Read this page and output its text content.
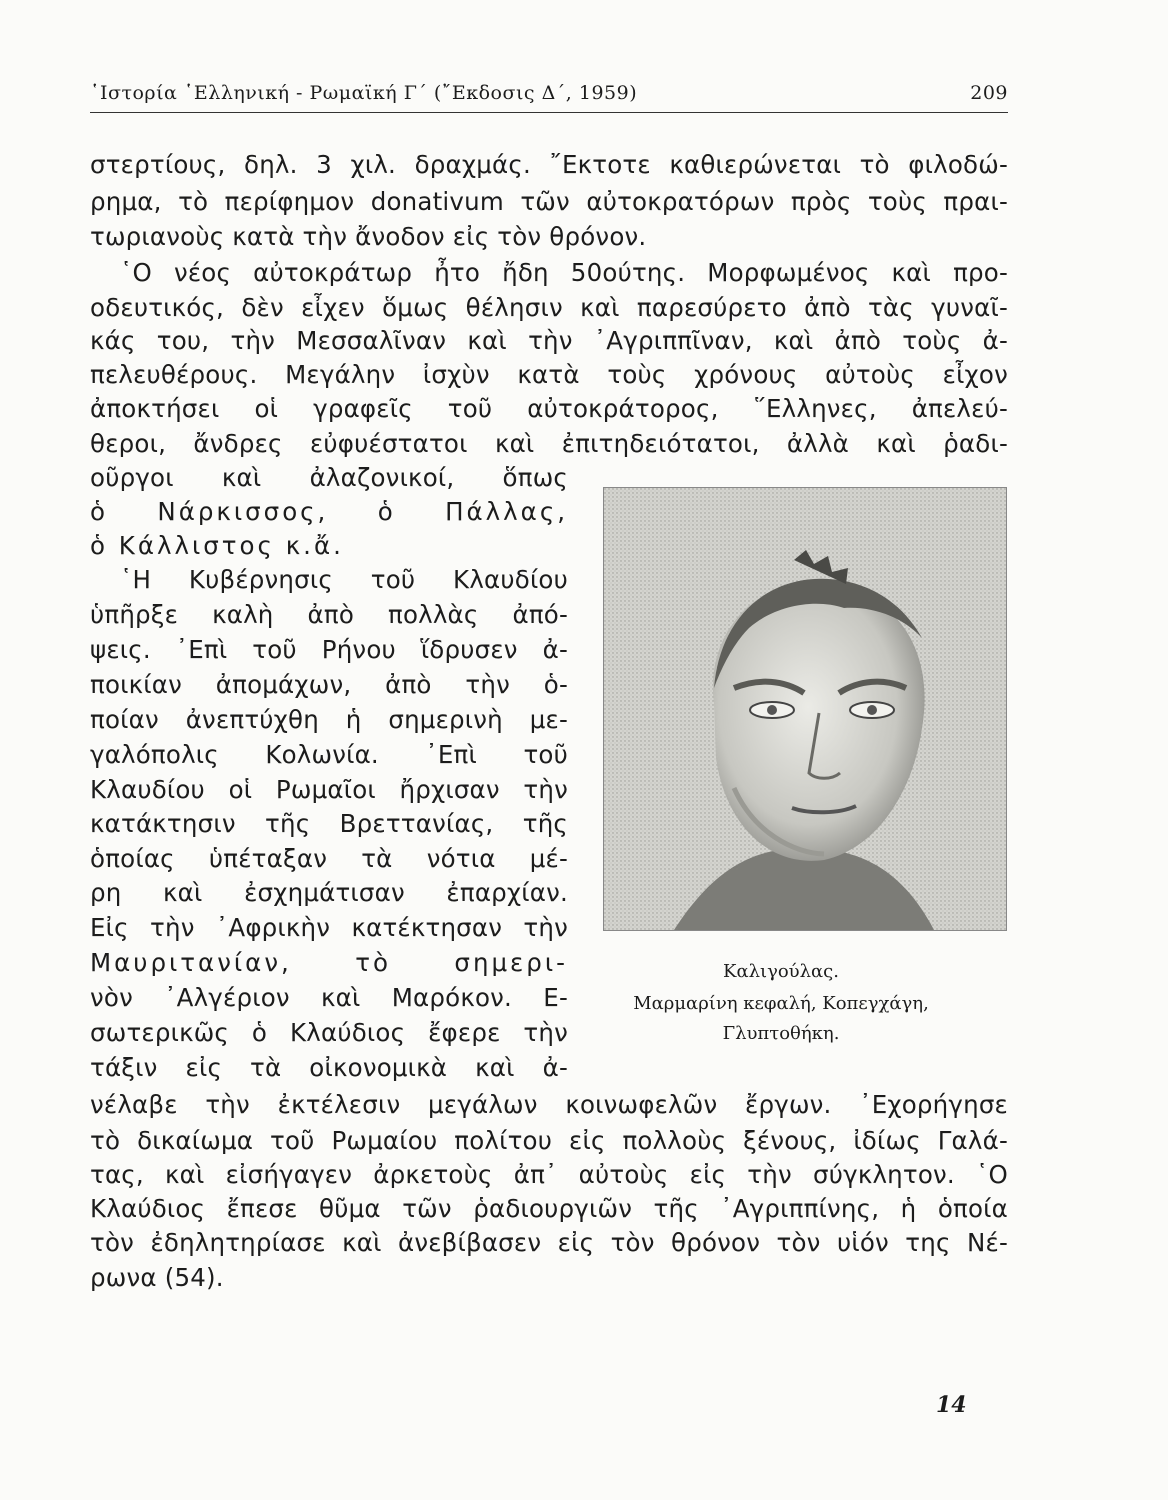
῾Ιστορία ῾Ελληνική - Ρωμαϊκή Γ΄ (῎Εκδοσις Δ΄, 1959)	209
στερτίους, δηλ. 3 χιλ. δραχμάς. ῎Εκτοτε καθιερώνεται τὸ φιλοδώ-
ρημα, τὸ περίφημον donativum τῶν αὐτοκρατόρων πρὸς τοὺς πραι-
τωριανοὺς κατὰ τὴν ἄνοδον εἰς τὸν θρόνον.
῾Ο νέος αὐτοκράτωρ ἦτο ἤδη 50ούτης. Μορφωμένος καὶ προ-
οδευτικός, δὲν εἶχεν ὅμως θέλησιν καὶ παρεσύρετο ἀπὸ τὰς γυναῖ-
κάς του, τὴν Μεσσαλῖναν καὶ τὴν ᾿Αγριππῖναν, καὶ ἀπὸ τοὺς ἀ-
πελευθέρους. Μεγάλην ἰσχὺν κατὰ τοὺς χρόνους αὐτοὺς εἶχον
ἀποκτήσει οἱ γραφεῖς τοῦ αὐτοκράτορος, ῞Ελληνες, ἀπελεύ-
θεροι, ἄνδρες εὐφυέστατοι καὶ ἐπιτηδειότατοι, ἀλλὰ καὶ ῥαδι-
οῦργοι καὶ ἀλαζονικοί, ὅπως
ὁ Νάρκισσος, ὁ Πάλλας,
ὁ Κάλλιστος κ.ἄ.
῾Η Κυβέρνησις τοῦ Κλαυδίου
ὑπῆρξε καλὴ ἀπὸ πολλὰς ἀπό-
ψεις. ᾿Επὶ τοῦ Ρήνου ἵδρυσεν ἀ-
ποικίαν ἀπομάχων, ἀπὸ τὴν ὁ-
ποίαν ἀνεπτύχθη ἡ σημερινὴ με-
γαλόπολις Κολωνία. ᾿Επὶ τοῦ
Κλαυδίου οἱ Ρωμαῖοι ἤρχισαν τὴν
κατάκτησιν τῆς Βρεττανίας, τῆς
ὁποίας ὑπέταξαν τὰ νότια μέ-
ρη καὶ ἐσχημάτισαν ἐπαρχίαν.
Εἰς τὴν ᾿Αφρικὴν κατέκτησαν τὴν
Μαυριτανίαν, τὸ σημερι-
νὸν ᾿Αλγέριον καὶ Μαρόκον. Ε-
σωτερικῶς ὁ Κλαύδιος ἔφερε τὴν
τάξιν εἰς τὰ οἰκονομικὰ καὶ ἀ-
νέλαβε τὴν ἐκτέλεσιν μεγάλων κοινωφελῶν ἔργων. ᾿Εχορήγησε
τὸ δικαίωμα τοῦ Ρωμαίου πολίτου εἰς πολλοὺς ξένους, ἰδίως Γαλά-
τας, καὶ εἰσήγαγεν ἀρκετοὺς ἀπ᾿ αὐτοὺς εἰς τὴν σύγκλητον. ῾Ο
Κλαύδιος ἔπεσε θῦμα τῶν ῥαδιουργιῶν τῆς ᾿Αγριππίνης, ἡ ὁποία
τὸν ἐδηλητηρίασε καὶ ἀνεβίβασεν εἰς τὸν θρόνον τὸν υἱόν της Νέ-
ρωνα (54).
Καλιγούλας.
Μαρμαρίνη κεφαλή, Κοπεγχάγη,
Γλυπτοθήκη.
14
